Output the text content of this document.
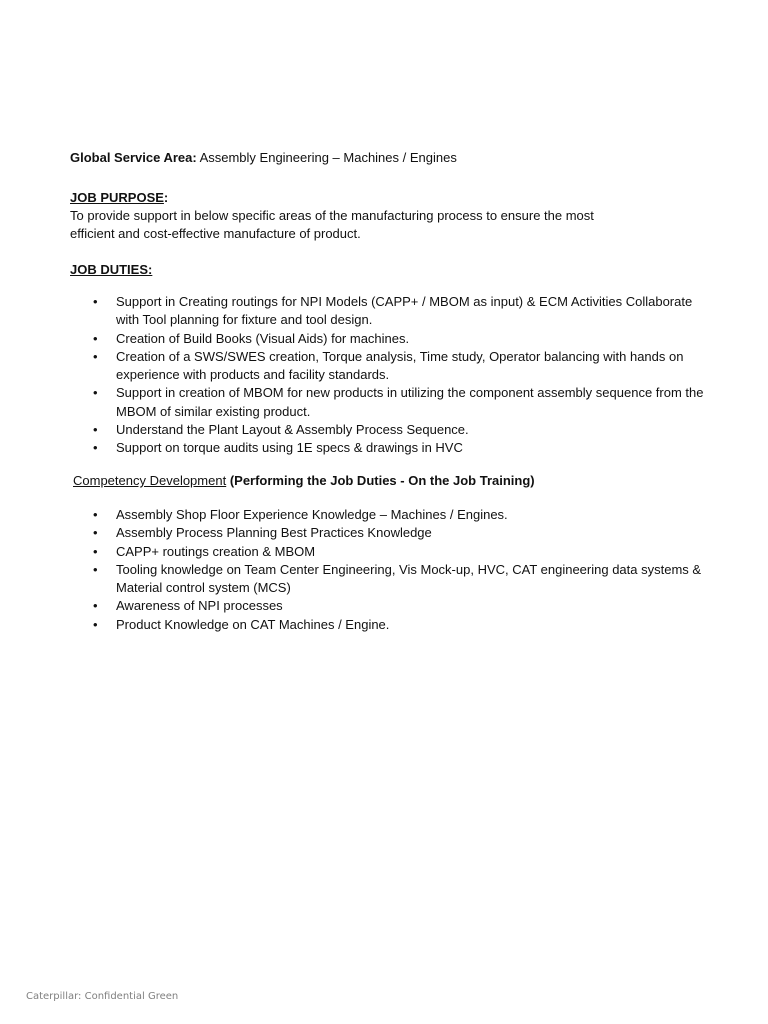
Global Service Area: Assembly Engineering – Machines / Engines
JOB PURPOSE:
To provide support in below specific areas of the manufacturing process to ensure the most
efficient and cost-effective manufacture of product.
JOB DUTIES:
• Support in Creating routings for NPI Models (CAPP+ / MBOM as input) & ECM Activities Collaborate with Tool planning for fixture and tool design.
• Creation of Build Books (Visual Aids) for machines.
• Creation of a SWS/SWES creation, Torque analysis, Time study, Operator balancing with hands on experience with products and facility standards.
• Support in creation of MBOM for new products in utilizing the component assembly sequence from the MBOM of similar existing product.
• Understand the Plant Layout & Assembly Process Sequence.
• Support on torque audits using 1E specs & drawings in HVC
Competency Development (Performing the Job Duties - On the Job Training)
• Assembly Shop Floor Experience Knowledge – Machines / Engines.
• Assembly Process Planning Best Practices Knowledge
• CAPP+ routings creation & MBOM
• Tooling knowledge on Team Center Engineering, Vis Mock-up, HVC, CAT engineering data systems & Material control system (MCS)
• Awareness of NPI processes
• Product Knowledge on CAT Machines / Engine.
Caterpillar: Confidential Green
